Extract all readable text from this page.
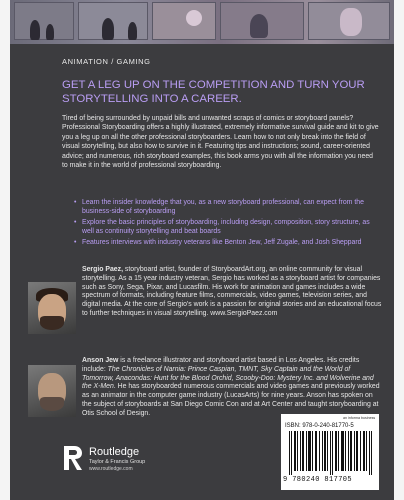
ANIMATION / GAMING
GET A LEG UP ON THE COMPETITION AND TURN YOUR STORYTELLING INTO A CAREER.
Tired of being surrounded by unpaid bills and unwanted scraps of comics or storyboard panels? Professional Storyboarding offers a highly illustrated, extremely informative survival guide and kit to give you a leg up on all the other professional storyboarders. Learn how to not only break into the field of visual storytelling, but also how to survive in it. Featuring tips and instructions; sound, career-oriented advice; and numerous, rich storyboard examples, this book arms you with all the information you need to make it in the world of professional storyboarding.
• Learn the insider knowledge that you, as a new storyboard professional, can expect from the business-side of storyboarding
• Explore the basic principles of storyboarding, including design, composition, story structure, as well as continuity storytelling and beat boards
• Features interviews with industry veterans like Benton Jew, Jeff Zugale, and Josh Sheppard
Sergio Paez, storyboard artist, founder of StoryboardArt.org, an online community for visual storytelling. As a 15 year industry veteran, Sergio has worked as a storyboard artist for companies such as Sony, Sega, Pixar, and Lucasfilm. His work for animation and games includes a wide spectrum of formats, including feature films, commercials, video games, television series, and digital media. At the core of Sergio's work is a passion for original stories and an educational focus to further techniques in visual storytelling. www.SergioPaez.com
Anson Jew is a freelance illustrator and storyboard artist based in Los Angeles. His credits include: The Chronicles of Narnia: Prince Caspian, TMNT, Sky Captain and the World of Tomorrow, Anacondas: Hunt for the Blood Orchid, Scooby-Doo: Mystery Inc. and Wolverine and the X-Men. He has storyboarded numerous commercials and video games and previously worked as an animator in the computer game industry (LucasArts) for nine years. Anson has spoken on the subject of storyboards at San Diego Comic Con and at Art Center and taught storyboarding at Otis School of Design.
Routledge
Taylor & Francis Group
www.routledge.com
an informa business
ISBN: 978-0-240-81770-5
9 780240 817705
